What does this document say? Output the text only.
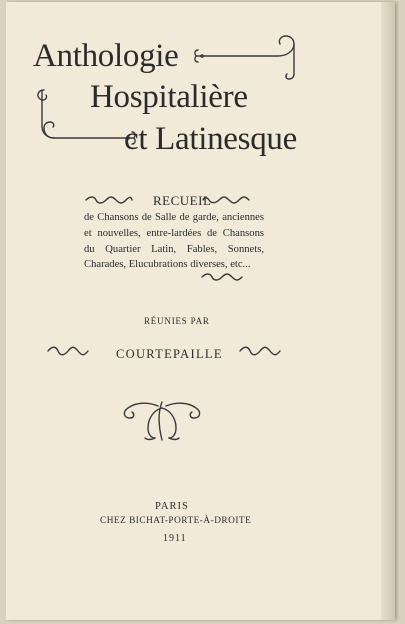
Anthologie
Hospitalière
ct Latinesque
RECUEIL
de Chansons de Salle de garde, anciennes et nouvelles, entre-lardées de Chansons du Quartier Latin, Fables, Sonnets, Charades, Elucubrations diverses, etc...
RÉUNIES PAR
COURTEPAILLE
PARIS
CHEZ BICHAT-PORTE-À-DROITE
1911
